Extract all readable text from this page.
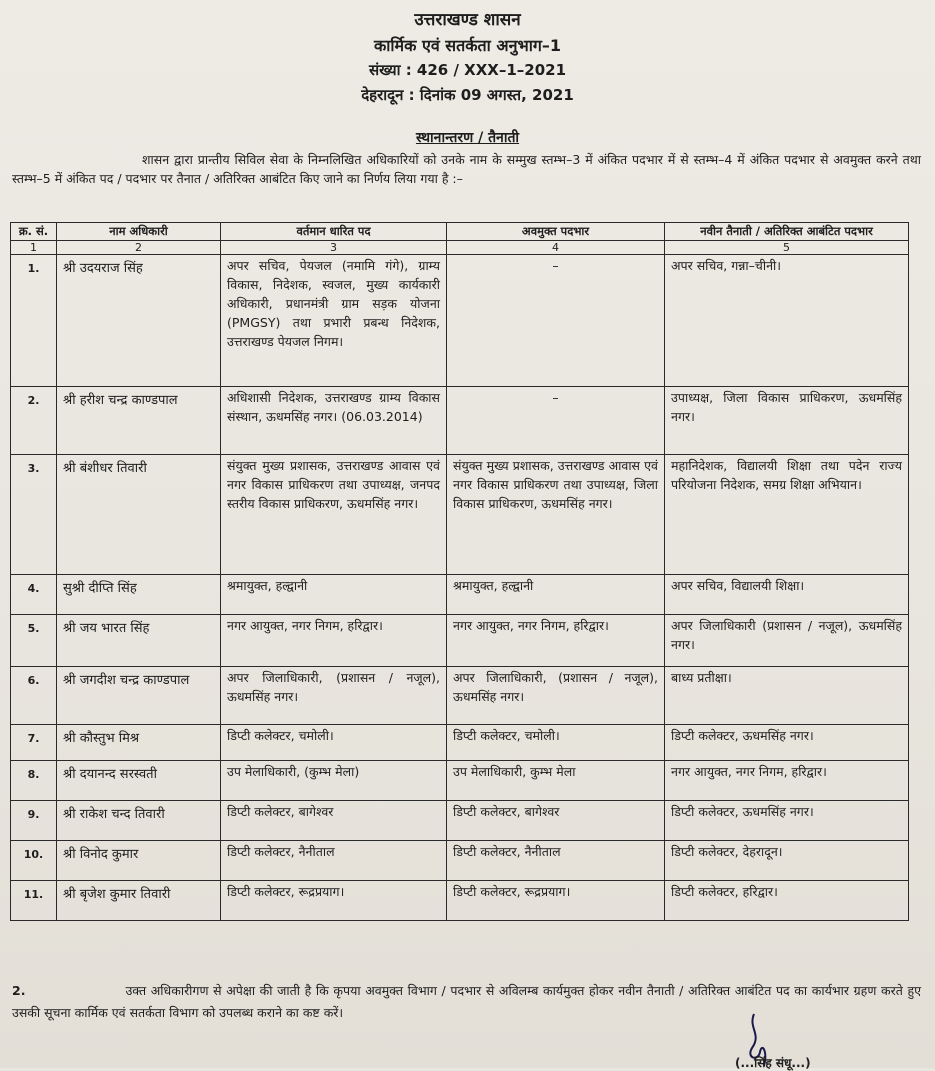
उत्तराखण्ड शासन
कार्मिक एवं सतर्कता अनुभाग–1
संख्या : 426 / XXX–1–2021
देहरादून : दिनांक 09 अगस्त, 2021
स्थानान्तरण / तैनाती
शासन द्वारा प्रान्तीय सिविल सेवा के निम्नलिखित अधिकारियों को उनके नाम के सम्मुख स्तम्भ–3 में अंकित पदभार में से स्तम्भ–4 में अंकित पदभार से अवमुक्त करने तथा स्तम्भ–5 में अंकित पद / पदभार पर तैनात / अतिरिक्त आबंटित किए जाने का निर्णय लिया गया है :–
क्र. सं.	नाम अधिकारी	वर्तमान धारित पद	अवमुक्त पदभार	नवीन तैनाती / अतिरिक्त आबंटित पदभार
1	2	3	4	5
1.	श्री उदयराज सिंह	अपर सचिव, पेयजल (नमामि गंगे), ग्राम्य विकास, निदेशक, स्वजल, मुख्य कार्यकारी अधिकारी, प्रधानमंत्री ग्राम सड़क योजना (PMGSY) तथा प्रभारी प्रबन्ध निदेशक, उत्तराखण्ड पेयजल निगम।	–	अपर सचिव, गन्ना–चीनी।
2.	श्री हरीश चन्द्र काण्डपाल	अधिशासी निदेशक, उत्तराखण्ड ग्राम्य विकास संस्थान, ऊधमसिंह नगर। (06.03.2014)	–	उपाध्यक्ष, जिला विकास प्राधिकरण, ऊधमसिंह नगर।
3.	श्री बंशीधर तिवारी	संयुक्त मुख्य प्रशासक, उत्तराखण्ड आवास एवं नगर विकास प्राधिकरण तथा उपाध्यक्ष, जनपद स्तरीय विकास प्राधिकरण, ऊधमसिंह नगर।	संयुक्त मुख्य प्रशासक, उत्तराखण्ड आवास एवं नगर विकास प्राधिकरण तथा उपाध्यक्ष, जिला विकास प्राधिकरण, ऊधमसिंह नगर।	महानिदेशक, विद्यालयी शिक्षा तथा पदेन राज्य परियोजना निदेशक, समग्र शिक्षा अभियान।
4.	सुश्री दीप्ति सिंह	श्रमायुक्त, हल्द्वानी	श्रमायुक्त, हल्द्वानी	अपर सचिव, विद्यालयी शिक्षा।
5.	श्री जय भारत सिंह	नगर आयुक्त, नगर निगम, हरिद्वार।	नगर आयुक्त, नगर निगम, हरिद्वार।	अपर जिलाधिकारी (प्रशासन / नजूल), ऊधमसिंह नगर।
6.	श्री जगदीश चन्द्र काण्डपाल	अपर जिलाधिकारी, (प्रशासन / नजूल), ऊधमसिंह नगर।	अपर जिलाधिकारी, (प्रशासन / नजूल), ऊधमसिंह नगर।	बाध्य प्रतीक्षा।
7.	श्री कौस्तुभ मिश्र	डिप्टी कलेक्टर, चमोली।	डिप्टी कलेक्टर, चमोली।	डिप्टी कलेक्टर, ऊधमसिंह नगर।
8.	श्री दयानन्द सरस्वती	उप मेलाधिकारी, (कुम्भ मेला)	उप मेलाधिकारी, कुम्भ मेला	नगर आयुक्त, नगर निगम, हरिद्वार।
9.	श्री राकेश चन्द तिवारी	डिप्टी कलेक्टर, बागेश्वर	डिप्टी कलेक्टर, बागेश्वर	डिप्टी कलेक्टर, ऊधमसिंह नगर।
10.	श्री विनोद कुमार	डिप्टी कलेक्टर, नैनीताल	डिप्टी कलेक्टर, नैनीताल	डिप्टी कलेक्टर, देहरादून।
11.	श्री बृजेश कुमार तिवारी	डिप्टी कलेक्टर, रूद्रप्रयाग।	डिप्टी कलेक्टर, रूद्रप्रयाग।	डिप्टी कलेक्टर, हरिद्वार।
2.	उक्त अधिकारीगण से अपेक्षा की जाती है कि कृपया अवमुक्त विभाग / पदभार से अविलम्ब कार्यमुक्त होकर नवीन तैनाती / अतिरिक्त आबंटित पद का कार्यभार ग्रहण करते हुए उसकी सूचना कार्मिक एवं सतर्कता विभाग को उपलब्ध कराने का कष्ट करें।
(...सिंह संधू...)
